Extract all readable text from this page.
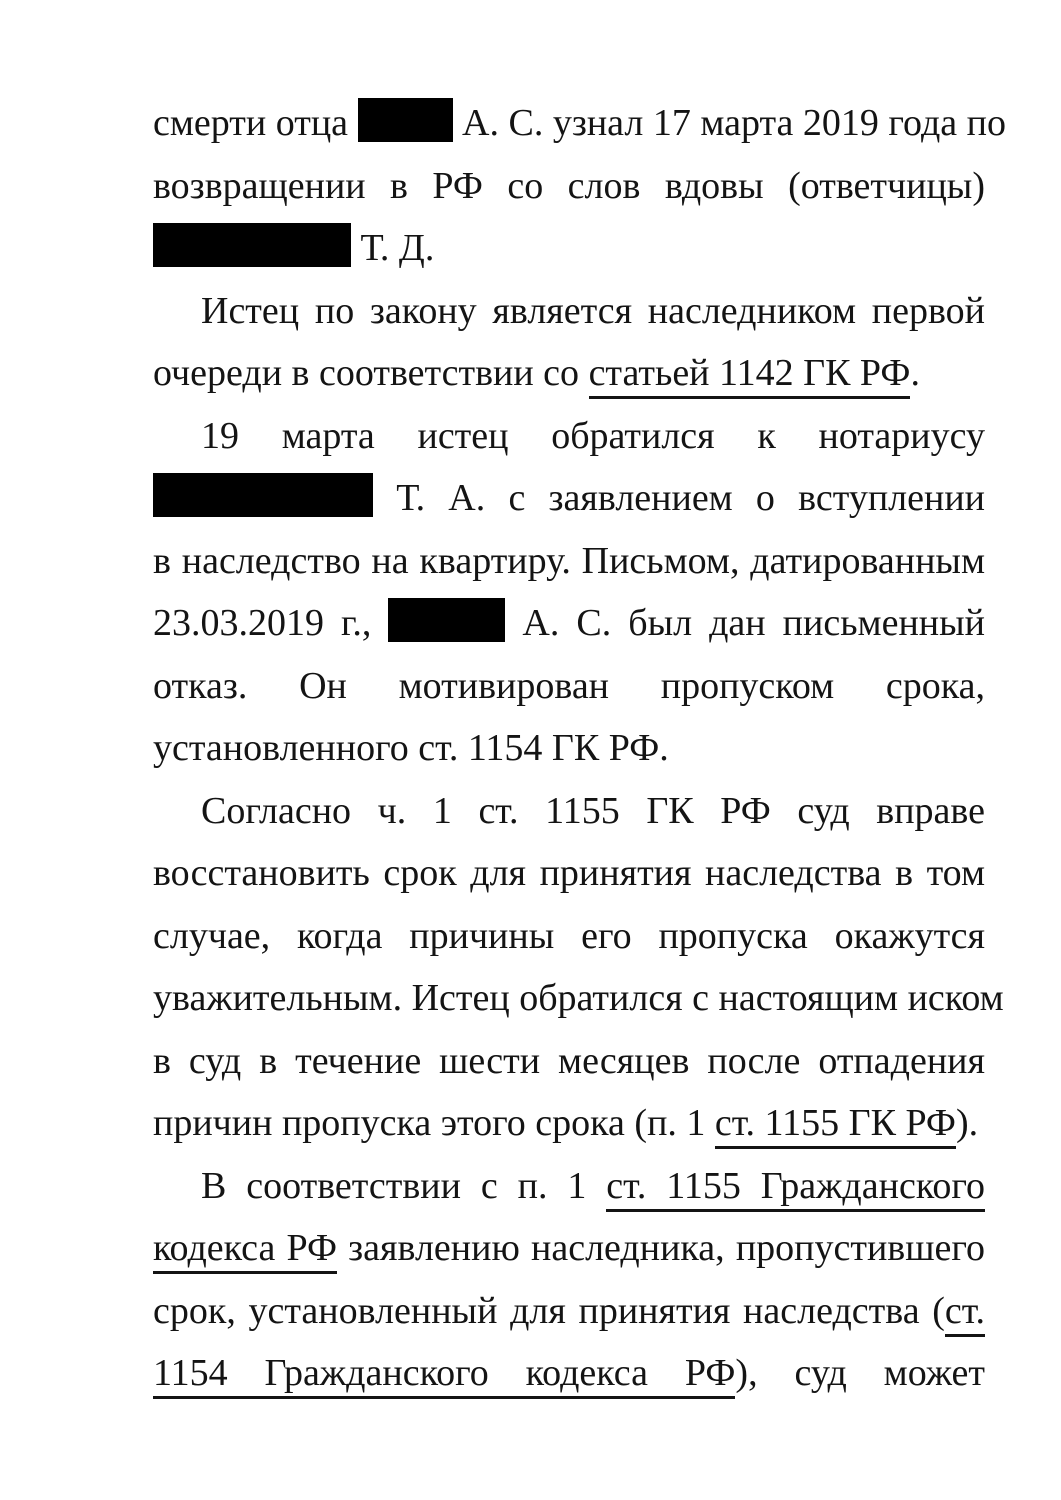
смерти отца	А. С. узнал 17 марта 2019 года по
возвращении в РФ со слов вдовы (ответчицы)
Т. Д.
Истец по закону является наследником первой
очереди в соответствии со статьей 1142 ГК РФ.
19 марта истец обратился к нотариусу
Т. А. с заявлением о вступлении
в наследство на квартиру. Письмом, датированным
23.03.2019 г.,	А. С. был дан письменный
отказ. Он мотивирован пропуском срока,
установленного ст. 1154 ГК РФ.
Согласно ч. 1 ст. 1155 ГК РФ суд вправе
восстановить срок для принятия наследства в том
случае, когда причины его пропуска окажутся
уважительным. Истец обратился с настоящим иском
в суд в течение шести месяцев после отпадения
причин пропуска этого срока (п. 1 ст. 1155 ГК РФ).
В соответствии с п. 1 ст. 1155 Гражданского
кодекса РФ заявлению наследника, пропустившего
срок, установленный для принятия наследства (ст.
1154 Гражданского кодекса РФ), суд может
